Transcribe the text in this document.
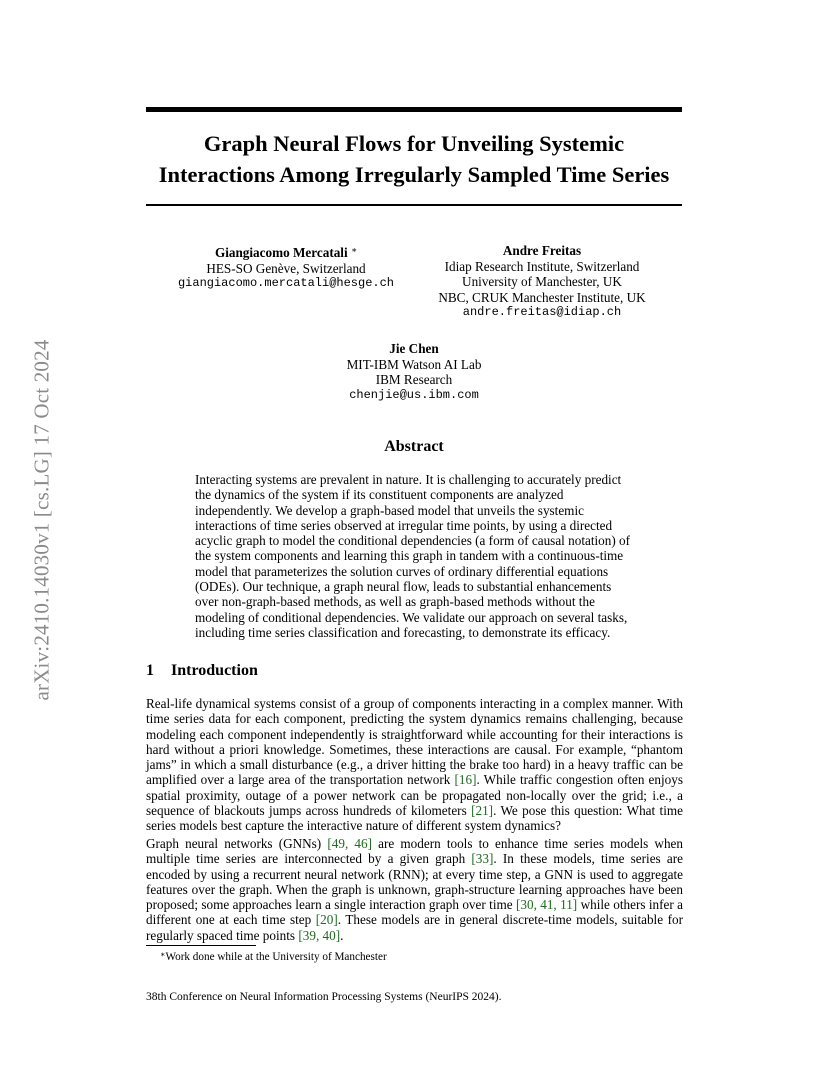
arXiv:2410.14030v1 [cs.LG] 17 Oct 2024
Graph Neural Flows for Unveiling Systemic
Interactions Among Irregularly Sampled Time Series
Giangiacomo Mercatali ∗
HES-SO Genève, Switzerland
giangiacomo.mercatali@hesge.ch
Andre Freitas
Idiap Research Institute, Switzerland
University of Manchester, UK
NBC, CRUK Manchester Institute, UK
andre.freitas@idiap.ch
Jie Chen
MIT-IBM Watson AI Lab
IBM Research
chenjie@us.ibm.com
Abstract
Interacting systems are prevalent in nature. It is challenging to accurately predict the dynamics of the system if its constituent components are analyzed independently. We develop a graph-based model that unveils the systemic interactions of time series observed at irregular time points, by using a directed acyclic graph to model the conditional dependencies (a form of causal notation) of the system components and learning this graph in tandem with a continuous-time model that parameterizes the solution curves of ordinary differential equations (ODEs). Our technique, a graph neural flow, leads to substantial enhancements over non-graph-based methods, as well as graph-based methods without the modeling of conditional dependencies. We validate our approach on several tasks, including time series classification and forecasting, to demonstrate its efficacy.
1 Introduction
Real-life dynamical systems consist of a group of components interacting in a complex manner. With time series data for each component, predicting the system dynamics remains challenging, because modeling each component independently is straightforward while accounting for their interactions is hard without a priori knowledge. Sometimes, these interactions are causal. For example, “phantom jams” in which a small disturbance (e.g., a driver hitting the brake too hard) in a heavy traffic can be amplified over a large area of the transportation network [16]. While traffic congestion often enjoys spatial proximity, outage of a power network can be propagated non-locally over the grid; i.e., a sequence of blackouts jumps across hundreds of kilometers [21]. We pose this question: What time series models best capture the interactive nature of different system dynamics?
Graph neural networks (GNNs) [49, 46] are modern tools to enhance time series models when multiple time series are interconnected by a given graph [33]. In these models, time series are encoded by using a recurrent neural network (RNN); at every time step, a GNN is used to aggregate features over the graph. When the graph is unknown, graph-structure learning approaches have been proposed; some approaches learn a single interaction graph over time [30, 41, 11] while others infer a different one at each time step [20]. These models are in general discrete-time models, suitable for regularly spaced time points [39, 40].
∗Work done while at the University of Manchester
38th Conference on Neural Information Processing Systems (NeurIPS 2024).
